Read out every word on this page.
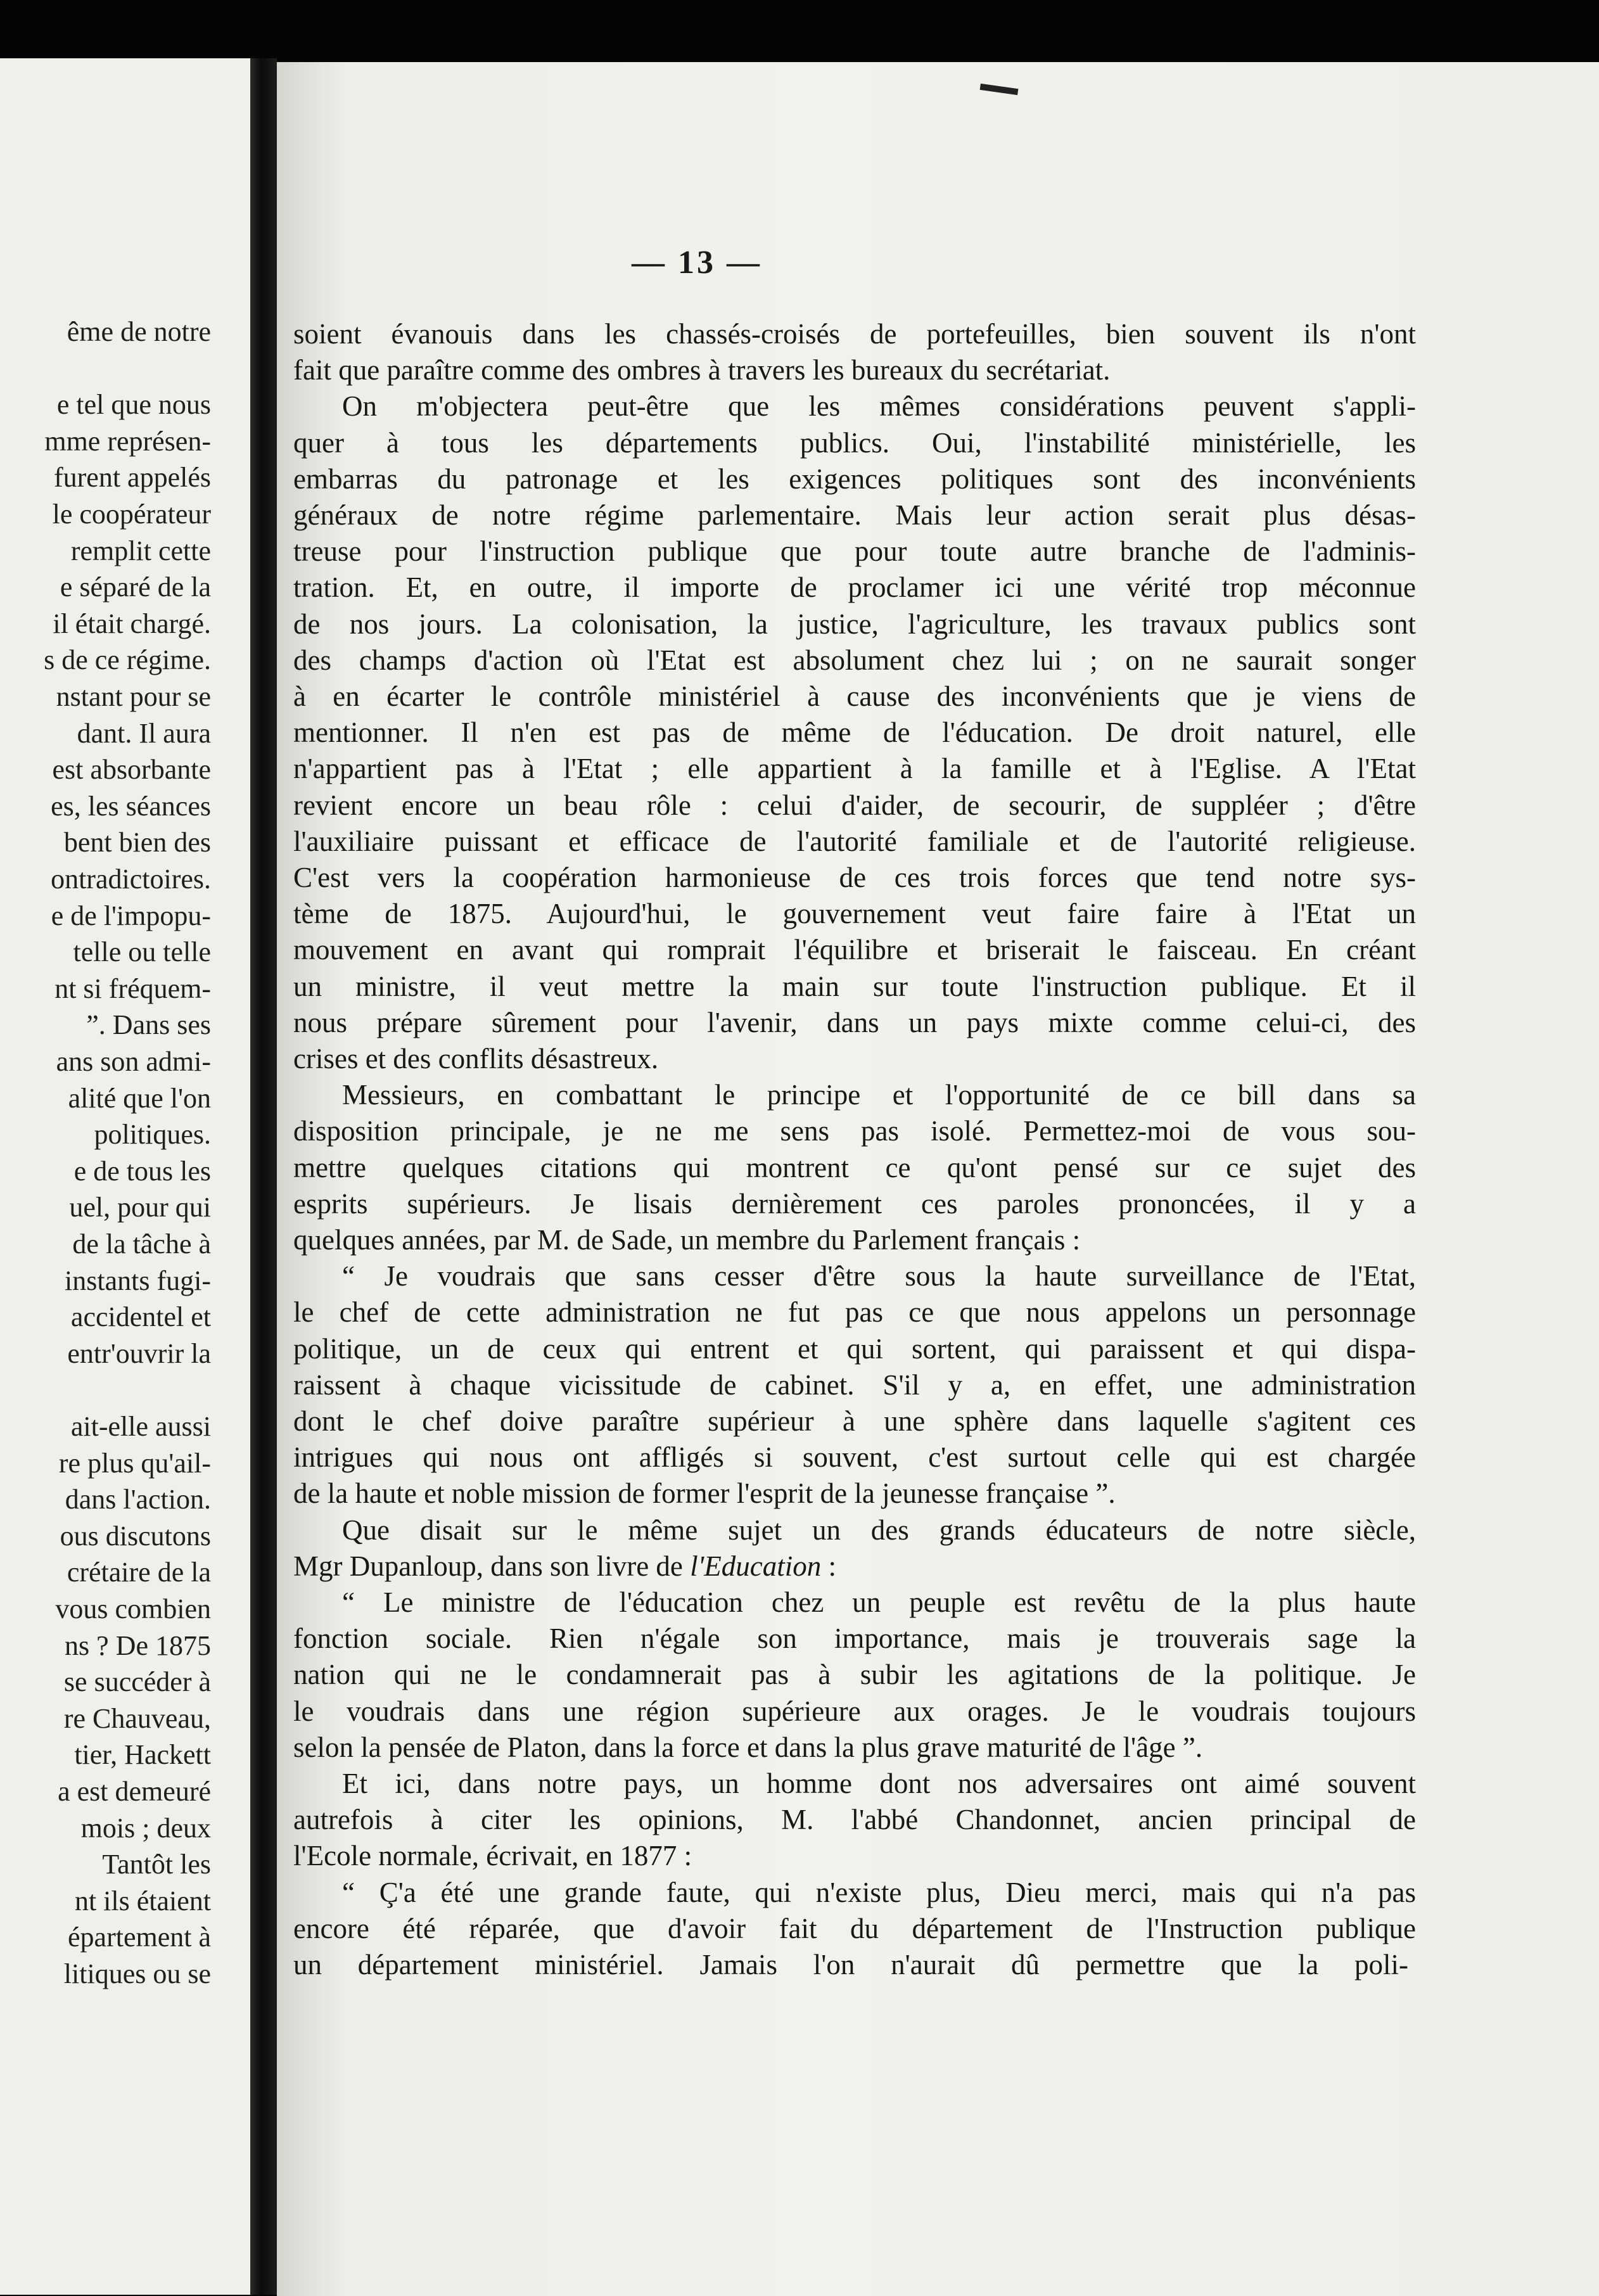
ême de notre
e tel que nous
mme représen-
furent appelés
le coopérateur
remplit cette
e séparé de la
il était chargé.
s de ce régime.
nstant pour se
dant. Il aura
est absorbante
es, les séances
bent bien des
ontradictoires.
e de l'impopu-
telle ou telle
nt si fréquem-
”. Dans ses
ans son admi-
alité que l'on
politiques.
e de tous les
uel, pour qui
de la tâche à
instants fugi-
accidentel et
entr'ouvrir la
ait-elle aussi
re plus qu'ail-
dans l'action.
ous discutons
crétaire de la
vous combien
ns ? De 1875
se succéder à
re Chauveau,
tier, Hackett
a est demeuré
mois ; deux
Tantôt les
nt ils étaient
épartement à
litiques ou se
— 13 —
soient évanouis dans les chassés-croisés de portefeuilles, bien souvent ils n'ont
fait que paraître comme des ombres à travers les bureaux du secrétariat.
On m'objectera peut-être que les mêmes considérations peuvent s'appli-
quer à tous les départements publics. Oui, l'instabilité ministérielle, les
embarras du patronage et les exigences politiques sont des inconvénients
généraux de notre régime parlementaire. Mais leur action serait plus désas-
treuse pour l'instruction publique que pour toute autre branche de l'adminis-
tration. Et, en outre, il importe de proclamer ici une vérité trop méconnue
de nos jours. La colonisation, la justice, l'agriculture, les travaux publics sont
des champs d'action où l'Etat est absolument chez lui ; on ne saurait songer
à en écarter le contrôle ministériel à cause des inconvénients que je viens de
mentionner. Il n'en est pas de même de l'éducation. De droit naturel, elle
n'appartient pas à l'Etat ; elle appartient à la famille et à l'Eglise. A l'Etat
revient encore un beau rôle : celui d'aider, de secourir, de suppléer ; d'être
l'auxiliaire puissant et efficace de l'autorité familiale et de l'autorité religieuse.
C'est vers la coopération harmonieuse de ces trois forces que tend notre sys-
tème de 1875. Aujourd'hui, le gouvernement veut faire faire à l'Etat un
mouvement en avant qui romprait l'équilibre et briserait le faisceau. En créant
un ministre, il veut mettre la main sur toute l'instruction publique. Et il
nous prépare sûrement pour l'avenir, dans un pays mixte comme celui-ci, des
crises et des conflits désastreux.
Messieurs, en combattant le principe et l'opportunité de ce bill dans sa
disposition principale, je ne me sens pas isolé. Permettez-moi de vous sou-
mettre quelques citations qui montrent ce qu'ont pensé sur ce sujet des
esprits supérieurs. Je lisais dernièrement ces paroles prononcées, il y a
quelques années, par M. de Sade, un membre du Parlement français :
“ Je voudrais que sans cesser d'être sous la haute surveillance de l'Etat,
le chef de cette administration ne fut pas ce que nous appelons un personnage
politique, un de ceux qui entrent et qui sortent, qui paraissent et qui dispa-
raissent à chaque vicissitude de cabinet. S'il y a, en effet, une administration
dont le chef doive paraître supérieur à une sphère dans laquelle s'agitent ces
intrigues qui nous ont affligés si souvent, c'est surtout celle qui est chargée
de la haute et noble mission de former l'esprit de la jeunesse française ”.
Que disait sur le même sujet un des grands éducateurs de notre siècle,
Mgr Dupanloup, dans son livre de l'Education :
“ Le ministre de l'éducation chez un peuple est revêtu de la plus haute
fonction sociale. Rien n'égale son importance, mais je trouverais sage la
nation qui ne le condamnerait pas à subir les agitations de la politique. Je
le voudrais dans une région supérieure aux orages. Je le voudrais toujours
selon la pensée de Platon, dans la force et dans la plus grave maturité de l'âge ”.
Et ici, dans notre pays, un homme dont nos adversaires ont aimé souvent
autrefois à citer les opinions, M. l'abbé Chandonnet, ancien principal de
l'Ecole normale, écrivait, en 1877 :
“ Ç'a été une grande faute, qui n'existe plus, Dieu merci, mais qui n'a pas
encore été réparée, que d'avoir fait du département de l'Instruction publique
un département ministériel. Jamais l'on n'aurait dû permettre que la poli-
